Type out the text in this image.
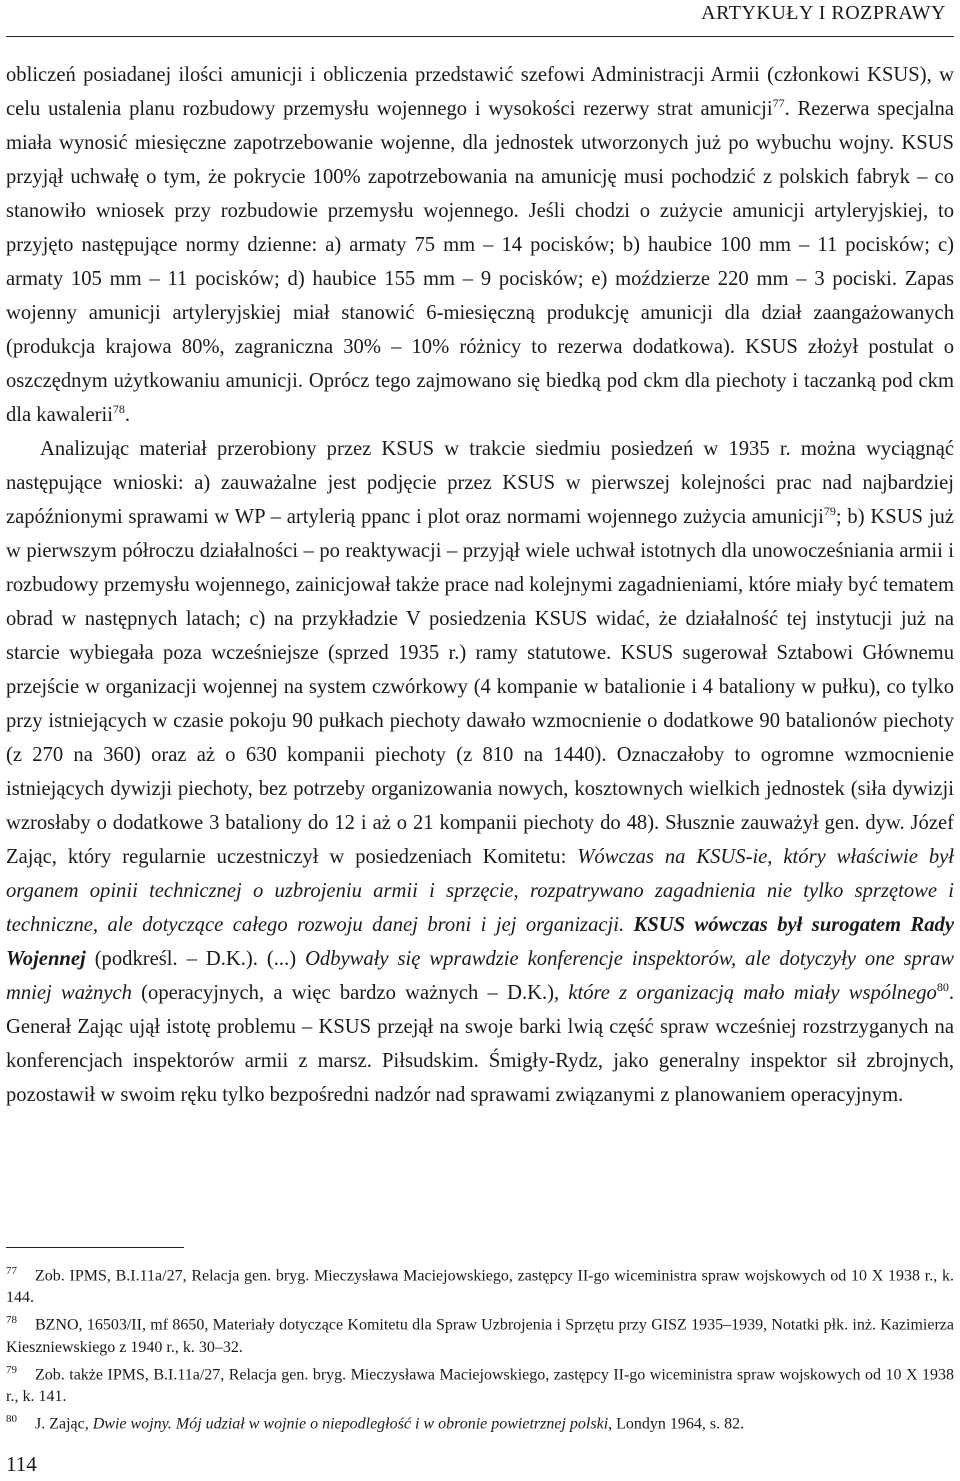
ARTYKUŁY I ROZPRAWY

obliczeń posiadanej ilości amunicji i obliczenia przedstawić szefowi Administracji Armii (członkowi KSUS), w celu ustalenia planu rozbudowy przemysłu wojennego i wysokości rezerwy strat amunicji$^{77}$. Rezerwa specjalna miała wynosić miesięczne zapotrzebowanie wojenne, dla jednostek utworzonych już po wybuchu wojny. KSUS przyjął uchwałę o tym, że pokrycie 100% zapotrzebowania na amunicję musi pochodzić z polskich fabryk – co stanowiło wniosek przy rozbudowie przemysłu wojennego. Jeśli chodzi o zużycie amunicji artyleryjskiej, to przyjęto następujące normy dzienne: a) armaty 75 mm – 14 pocisków; b) haubice 100 mm – 11 pocisków; c) armaty 105 mm – 11 pocisków; d) haubice 155 mm – 9 pocisków; e) moździerze 220 mm – 3 pociski. Zapas wojenny amunicji artyleryjskiej miał stanowić 6-miesięczną produkcję amunicji dla dział zaangażowanych (produkcja krajowa 80%, zagraniczna 30% – 10% różnicy to rezerwa dodatkowa). KSUS złożył postulat o oszczędnym użytkowaniu amunicji. Oprócz tego zajmowano się biedką pod ckm dla piechoty i taczanką pod ckm dla kawalerii$^{78}$.

Analizując materiał przerobiony przez KSUS w trakcie siedmiu posiedzeń w 1935 r. można wyciągnąć następujące wnioski: a) zauważalne jest podjęcie przez KSUS w pierwszej kolejności prac nad najbardziej zapóźnionymi sprawami w WP – artylerią ppanc i plot oraz normami wojennego zużycia amunicji$^{79}$; b) KSUS już w pierwszym półroczu działalności – po reaktywacji – przyjął wiele uchwał istotnych dla unowocześniania armii i rozbudowy przemysłu wojennego, zainicjował także prace nad kolejnymi zagadnieniami, które miały być tematem obrad w następnych latach; c) na przykładzie V posiedzenia KSUS widać, że działalność tej instytucji już na starcie wybiegała poza wcześniejsze (sprzed 1935 r.) ramy statutowe. KSUS sugerował Sztabowi Głównemu przejście w organizacji wojennej na system czwórkowy (4 kompanie w batalionie i 4 bataliony w pułku), co tylko przy istniejących w czasie pokoju 90 pułkach piechoty dawało wzmocnienie o dodatkowe 90 batalionów piechoty (z 270 na 360) oraz aż o 630 kompanii piechoty (z 810 na 1440). Oznaczałoby to ogromne wzmocnienie istniejących dywizji piechoty, bez potrzeby organizowania nowych, kosztownych wielkich jednostek (siła dywizji wzrosłaby o dodatkowe 3 bataliony do 12 i aż o 21 kompanii piechoty do 48). Słusznie zauważył gen. dyw. Józef Zając, który regularnie uczestniczył w posiedzeniach Komitetu: Wówczas na KSUS-ie, który właściwie był organem opinii technicznej o uzbrojeniu armii i sprzęcie, rozpatrywano zagadnienia nie tylko sprzętowe i techniczne, ale dotyczące całego rozwoju danej broni i jej organizacji. KSUS wówczas był surogatem Rady Wojennej (podkreśl. – D.K.). (...) Odbywały się wprawdzie konferencje inspektorów, ale dotyczyły one spraw mniej ważnych (operacyjnych, a więc bardzo ważnych – D.K.), które z organizacją mało miały wspólnego$^{80}$. Generał Zając ujął istotę problemu – KSUS przejął na swoje barki lwią część spraw wcześniej rozstrzyganych na konferencjach inspektorów armii z marsz. Piłsudskim. Śmigły-Rydz, jako generalny inspektor sił zbrojnych, pozostawił w swoim ręku tylko bezpośredni nadzór nad sprawami związanymi z planowaniem operacyjnym.

$^{77}$ Zob. IPMS, B.I.11a/27, Relacja gen. bryg. Mieczysława Maciejowskiego, zastępcy II-go wiceministra spraw wojskowych od 10 X 1938 r., k. 144.

$^{78}$ BZNO, 16503/II, mf 8650, Materiały dotyczące Komitetu dla Spraw Uzbrojenia i Sprzętu przy GISZ 1935–1939, Notatki płk. inż. Kazimierza Kieszniewskiego z 1940 r., k. 30–32.

$^{79}$ Zob. także IPMS, B.I.11a/27, Relacja gen. bryg. Mieczysława Maciejowskiego, zastępcy II-go wiceministra spraw wojskowych od 10 X 1938 r., k. 141.

$^{80}$ J. Zając, Dwie wojny. Mój udział w wojnie o niepodległość i w obronie powietrznej polski, Londyn 1964, s. 82.

114
